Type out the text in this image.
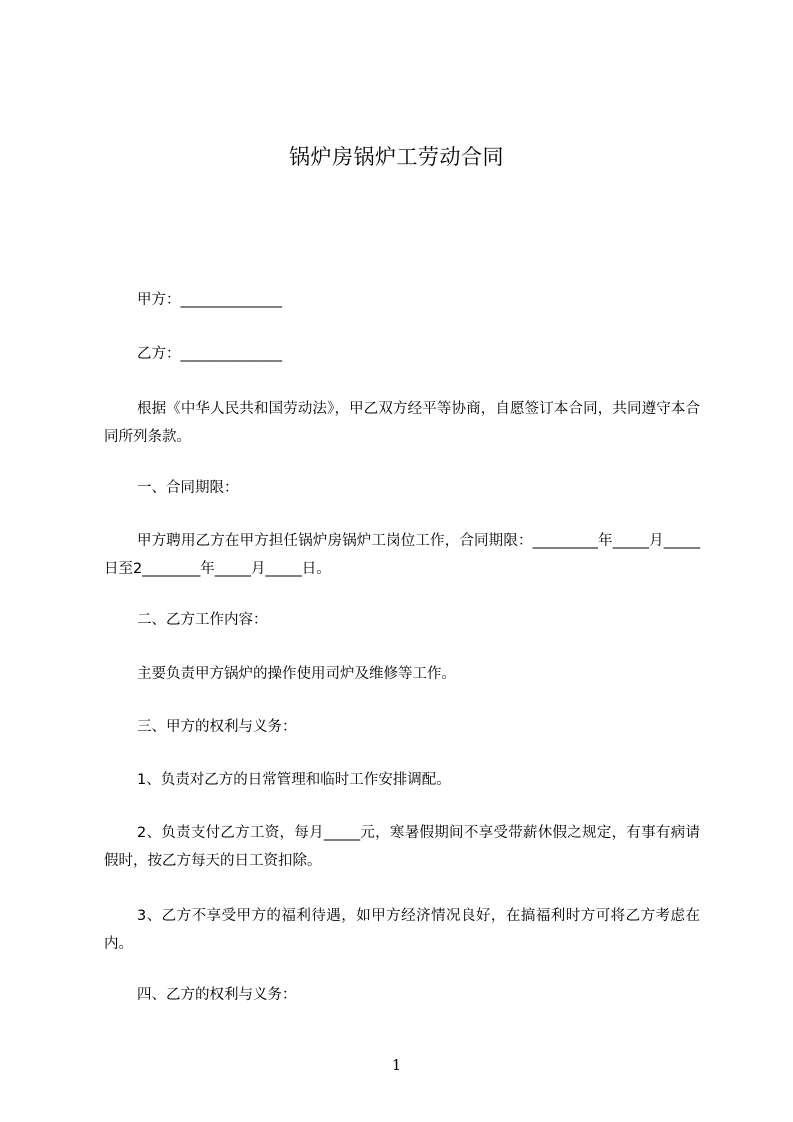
锅炉房锅炉工劳动合同
甲方：______________
乙方：______________
根据《中华人民共和国劳动法》，甲乙双方经平等协商，自愿签订本合同，共同遵守本合同所列条款。
一、合同期限：
甲方聘用乙方在甲方担任锅炉房锅炉工岗位工作，合同期限：_________年_____月_____日至2________年_____月_____日。
二、乙方工作内容：
主要负责甲方锅炉的操作使用司炉及维修等工作。
三、甲方的权利与义务：
1、负责对乙方的日常管理和临时工作安排调配。
2、负责支付乙方工资，每月_____元，寒暑假期间不享受带薪休假之规定，有事有病请假时，按乙方每天的日工资扣除。
3、乙方不享受甲方的福利待遇，如甲方经济情况良好，在搞福利时方可将乙方考虑在内。
四、乙方的权利与义务：
1
